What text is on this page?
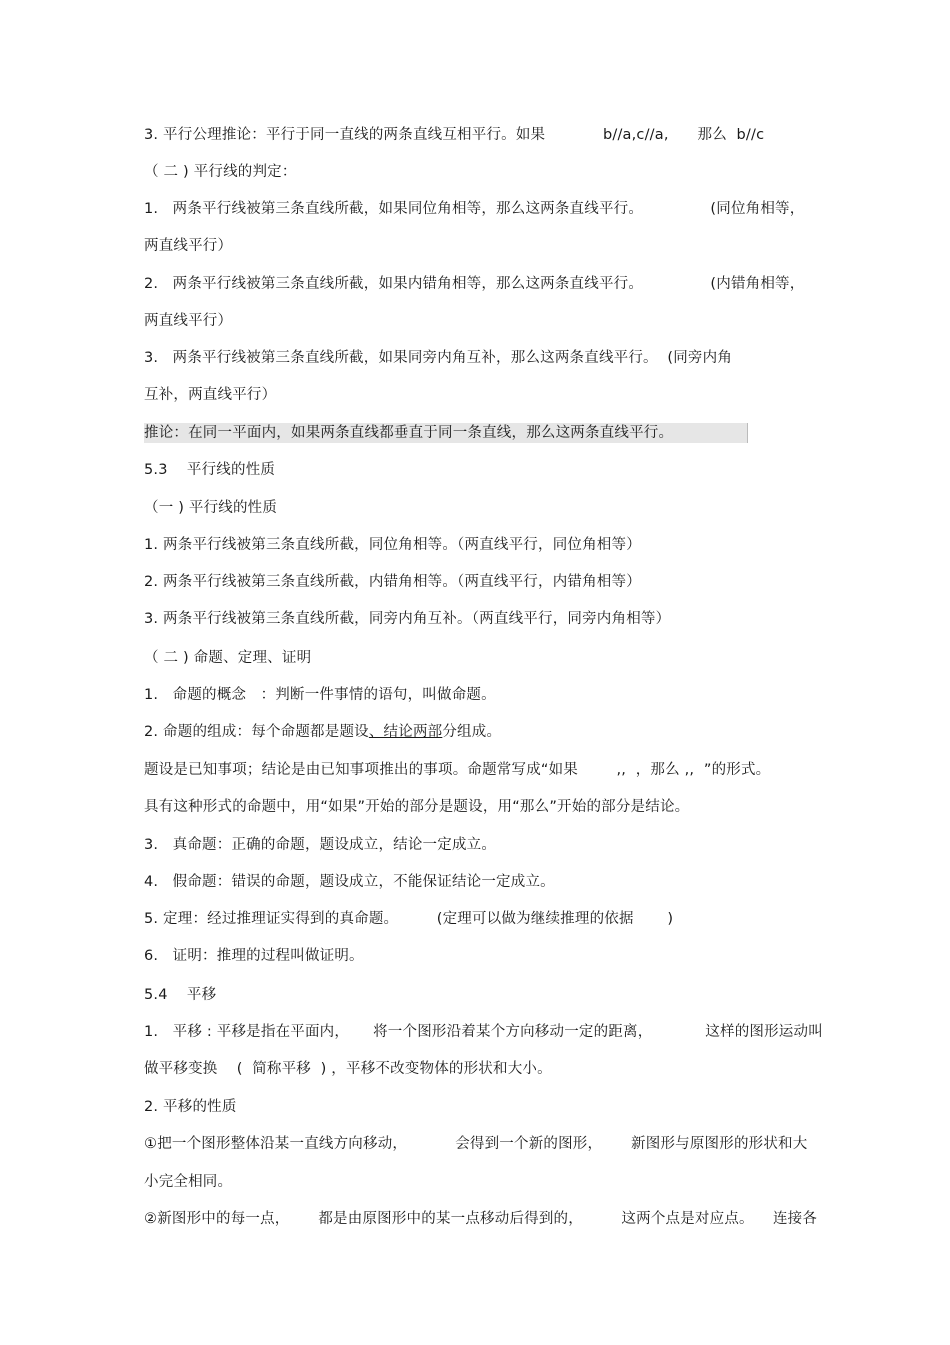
3. 平行公理推论：平行于同一直线的两条直线互相平行。如果            b//a,c//a,      那么  b//c
（ 二 ) 平行线的判定：
1.   两条平行线被第三条直线所截，如果同位角相等，那么这两条直线平行。              (同位角相等，
两直线平行）
2.   两条平行线被第三条直线所截，如果内错角相等，那么这两条直线平行。              (内错角相等，
两直线平行）
3.   两条平行线被第三条直线所截，如果同旁内角互补，那么这两条直线平行。  (同旁内角
互补，两直线平行）
推论：在同一平面内，如果两条直线都垂直于同一条直线，那么这两条直线平行。
5.3    平行线的性质
（一 ) 平行线的性质
1. 两条平行线被第三条直线所截，同位角相等。（两直线平行，同位角相等）
2. 两条平行线被第三条直线所截，内错角相等。（两直线平行，内错角相等）
3. 两条平行线被第三条直线所截，同旁内角互补。（两直线平行，同旁内角相等）
（ 二 ) 命题、定理、证明
1.   命题的概念   ：判断一件事情的语句，叫做命题。
2. 命题的组成：每个命题都是题设、结论两部分组成。
题设是已知事项；结论是由已知事项推出的事项。命题常写成“如果        ,,  ，那么 ,,  ”的形式。
具有这种形式的命题中，用“如果”开始的部分是题设，用“那么”开始的部分是结论。
3.   真命题：正确的命题，题设成立，结论一定成立。
4.   假命题：错误的命题，题设成立，不能保证结论一定成立。
5. 定理：经过推理证实得到的真命题。        (定理可以做为继续推理的依据       )
6.   证明：推理的过程叫做证明。
5.4    平移
1.   平移 : 平移是指在平面内，     将一个图形沿着某个方向移动一定的距离，           这样的图形运动叫
做平移变换    (  简称平移  ) ，平移不改变物体的形状和大小。
2. 平移的性质
①把一个图形整体沿某一直线方向移动，          会得到一个新的图形，      新图形与原图形的形状和大
小完全相同。
②新图形中的每一点，      都是由原图形中的某一点移动后得到的，        这两个点是对应点。    连接各
